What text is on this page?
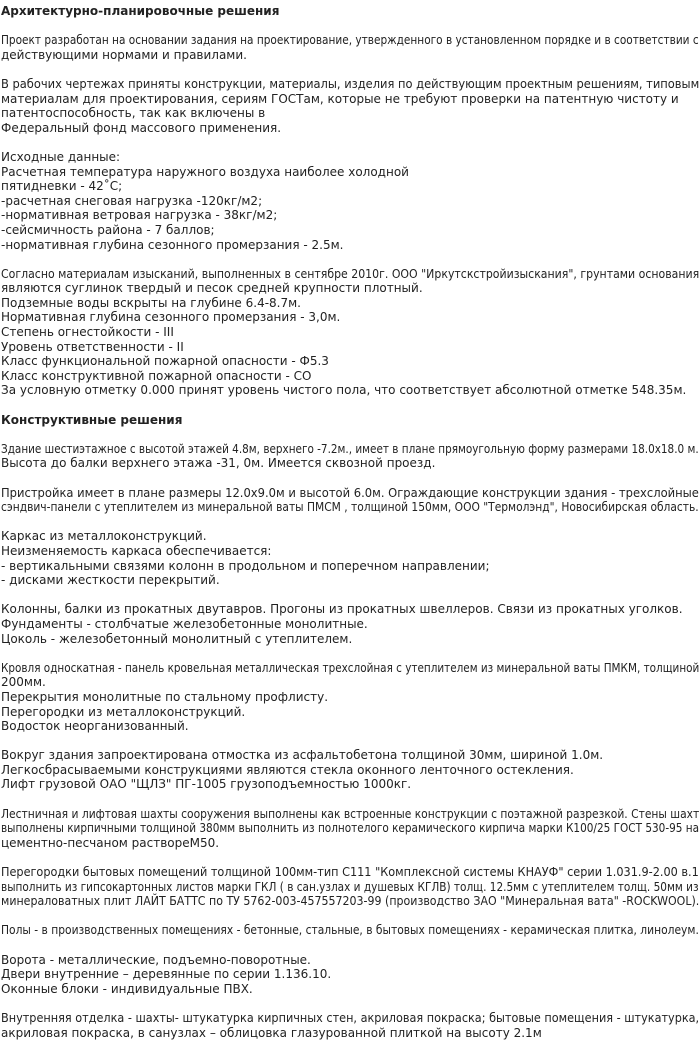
Архитектурно-планировочные решения
Проект разработан на основании задания на проектирование, утвержденного в установленном порядке и в соответствии с
действующими нормами и правилами.
В рабочих чертежах приняты конструкции, материалы, изделия по действующим проектным решениям, типовым
материалам для проектирования, сериям ГОСТам, которые не требуют проверки на патентную чистоту и
патентоспособность, так как включены в
Федеральный фонд массового применения.
Исходные данные:
Расчетная температура наружного воздуха наиболее холодной
пятидневки - 42˚С;
-расчетная снеговая нагрузка -120кг/м2;
-нормативная ветровая нагрузка - 38кг/м2;
-сейсмичность района - 7 баллов;
-нормативная глубина сезонного промерзания - 2.5м.
Согласно материалам изысканий, выполненных в сентябре 2010г. ООО "Иркутскстройизыскания", грунтами основания
являются суглинок твердый и песок средней крупности плотный.
Подземные воды вскрыты на глубине 6.4-8.7м.
Нормативная глубина сезонного промерзания - 3,0м.
Степень огнестойкости - III
Уровень ответственности - II
Класс функциональной пожарной опасности - Ф5.3
Класс конструктивной пожарной опасности - СО
За условную отметку 0.000 принят уровень чистого пола, что соответствует абсолютной отметке 548.35м.
Конструктивные решения
Здание шестиэтажное с высотой этажей 4.8м, верхнего -7.2м., имеет в плане прямоугольную форму размерами 18.0х18.0 м.
Высота до балки верхнего этажа -31, 0м. Имеется сквозной проезд.
Пристройка имеет в плане размеры 12.0х9.0м и высотой 6.0м. Ограждающие конструкции здания - трехслойные
сэндвич-панели с утеплителем из минеральной ваты ПМСМ , толщиной 150мм, ООО "Термолэнд", Новосибирская область.
Каркас из металлоконструкций.
Неизменяемость каркаса обеспечивается:
- вертикальными связями колонн в продольном и поперечном направлении;
- дисками жесткости перекрытий.
Колонны, балки из прокатных двутавров. Прогоны из прокатных швеллеров. Связи из прокатных уголков.
Фундаменты - столбчатые железобетонные монолитные.
Цоколь - железобетонный монолитный с утеплителем.
Кровля односкатная - панель кровельная металлическая трехслойная с утеплителем из минеральной ваты ПМКМ, толщиной
200мм.
Перекрытия монолитные по стальному профлисту.
Перегородки из металлоконструкций.
Водосток неорганизованный.
Вокруг здания запроектирована отмостка из асфальтобетона толщиной 30мм, шириной 1.0м.
Легкосбрасываемыми конструкциями являются стекла оконного ленточного остекления.
Лифт грузовой ОАО "ЩЛЗ" ПГ-1005 грузоподъемностью 1000кг.
Лестничная и лифтовая шахты сооружения выполнены как встроенные конструкции с поэтажной разрезкой. Стены шахт
выполнены кирпичными толщиной 380мм выполнить из полнотелого керамического кирпича марки К100/25 ГОСТ 530-95 на
цементно-песчаном раствореМ50.
Перегородки бытовых помещений толщиной 100мм-тип С111 "Комплексной системы КНАУФ" серии 1.031.9-2.00 в.1
выполнить из гипсокартонных листов марки ГКЛ ( в сан.узлах и душевых КГЛВ) толщ. 12.5мм с утеплителем толщ. 50мм из
минераловатных плит ЛАЙТ БАТТС по ТУ 5762-003-457557203-99 (производство ЗАО "Минеральная вата" -ROCKWOOL).
Полы - в производственных помещениях - бетонные, стальные, в бытовых помещениях - керамическая плитка, линолеум.
Ворота - металлические, подъемно-поворотные.
Двери внутренние – деревянные по серии 1.136.10.
Оконные блоки - индивидуальные ПВХ.
Внутренняя отделка - шахты- штукатурка кирпичных стен, акриловая покраска; бытовые помещения - штукатурка,
акриловая покраска, в санузлах – облицовка глазурованной плиткой на высоту 2.1м
